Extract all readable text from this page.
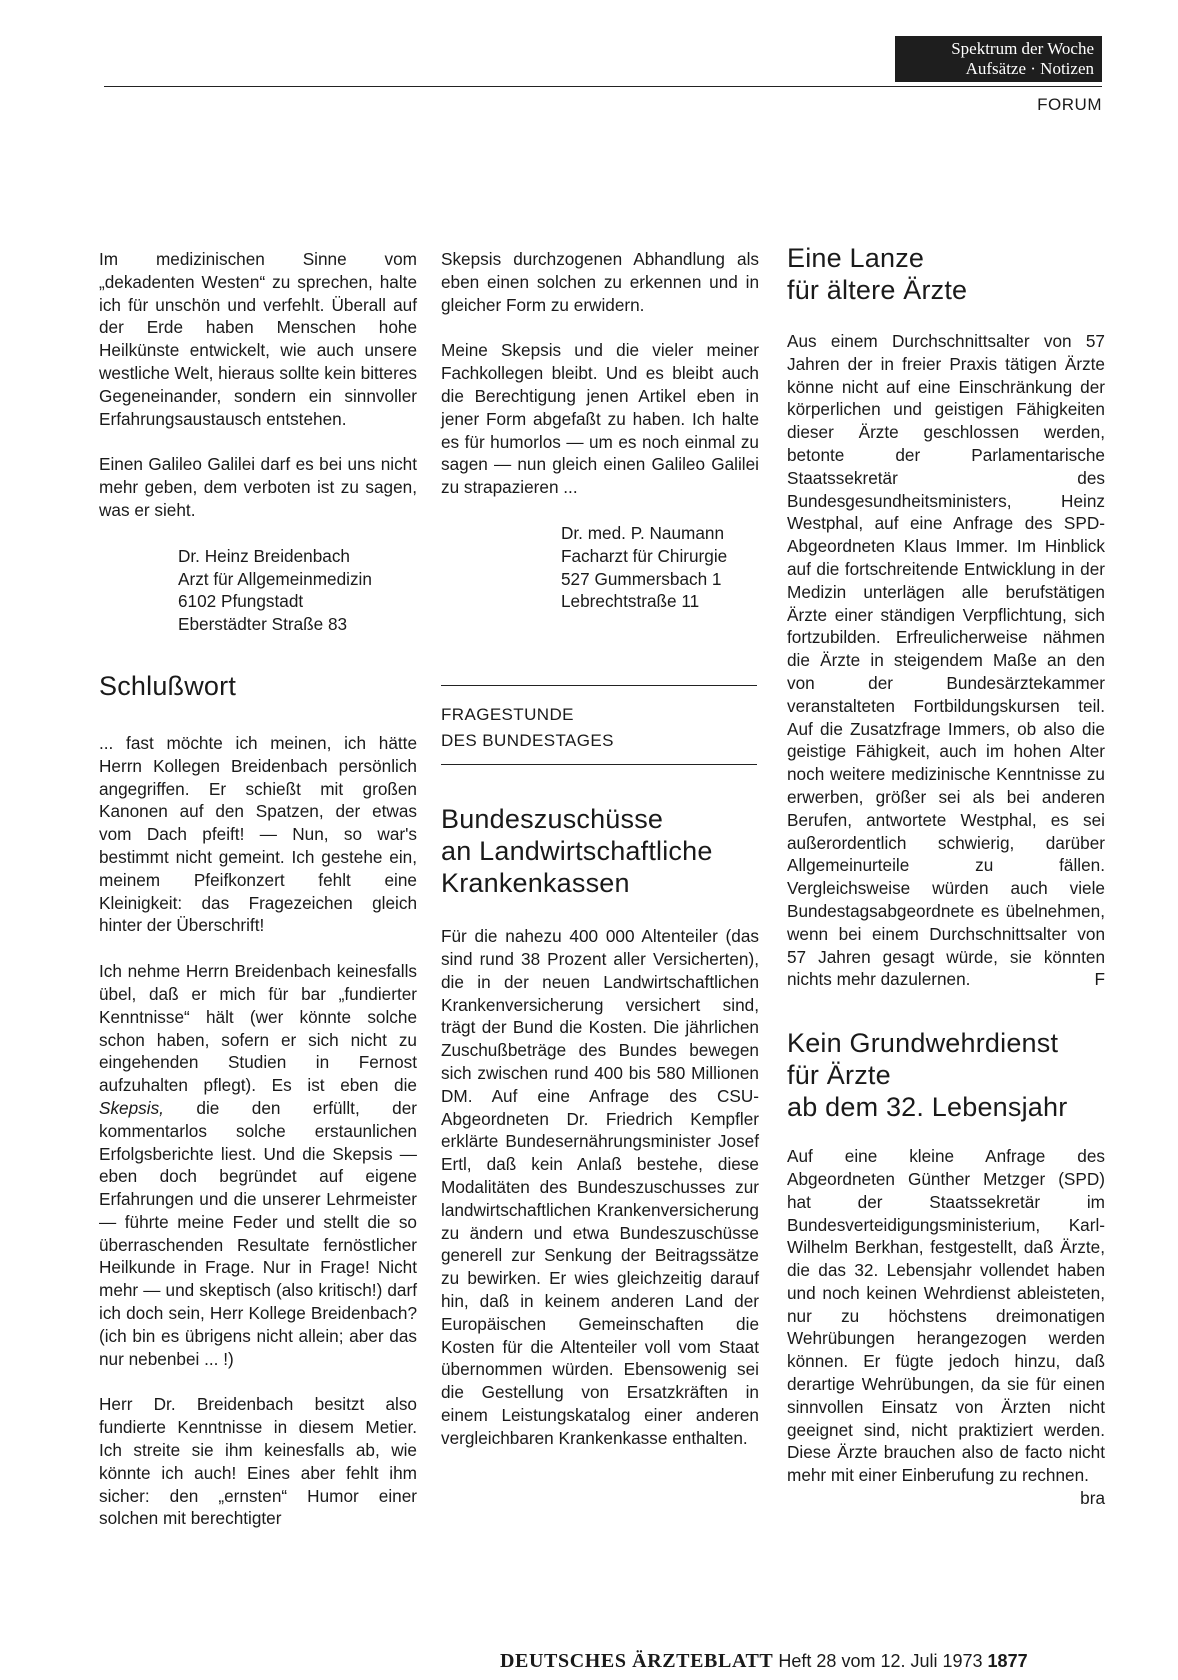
Spektrum der Woche
Aufsätze · Notizen
FORUM

Im medizinischen Sinne vom „dekadenten Westen“ zu sprechen, halte ich für unschön und verfehlt. Überall auf der Erde haben Menschen hohe Heilkünste entwickelt, wie auch unsere westliche Welt, hieraus sollte kein bitteres Gegeneinander, sondern ein sinnvoller Erfahrungsaustausch entstehen.

Einen Galileo Galilei darf es bei uns nicht mehr geben, dem verboten ist zu sagen, was er sieht.

Dr. Heinz Breidenbach
Arzt für Allgemeinmedizin
6102 Pfungstadt
Eberstädter Straße 83
Schlußwort

... fast möchte ich meinen, ich hätte Herrn Kollegen Breidenbach persönlich angegriffen. Er schießt mit großen Kanonen auf den Spatzen, der etwas vom Dach pfeift! — Nun, so war's bestimmt nicht gemeint. Ich gestehe ein, meinem Pfeifkonzert fehlt eine Kleinigkeit: das Fragezeichen gleich hinter der Überschrift!

Ich nehme Herrn Breidenbach keinesfalls übel, daß er mich für bar „fundierter Kenntnisse“ hält (wer könnte solche schon haben, sofern er sich nicht zu eingehenden Studien in Fernost aufzuhalten pflegt). Es ist eben die Skepsis, die den erfüllt, der kommentarlos solche erstaunlichen Erfolgsberichte liest. Und die Skepsis — eben doch begründet auf eigene Erfahrungen und die unserer Lehrmeister — führte meine Feder und stellt die so überraschenden Resultate fernöstlicher Heilkunde in Frage. Nur in Frage! Nicht mehr — und skeptisch (also kritisch!) darf ich doch sein, Herr Kollege Breidenbach? (ich bin es übrigens nicht allein; aber das nur nebenbei ... !)

Herr Dr. Breidenbach besitzt also fundierte Kenntnisse in diesem Metier. Ich streite sie ihm keinesfalls ab, wie könnte ich auch! Eines aber fehlt ihm sicher: den „ernsten“ Humor einer solchen mit berechtigter

Skepsis durchzogenen Abhandlung als eben einen solchen zu erkennen und in gleicher Form zu erwidern.

Meine Skepsis und die vieler meiner Fachkollegen bleibt. Und es bleibt auch die Berechtigung jenen Artikel eben in jener Form abgefaßt zu haben. Ich halte es für humorlos — um es noch einmal zu sagen — nun gleich einen Galileo Galilei zu strapazieren ...

Dr. med. P. Naumann
Facharzt für Chirurgie
527 Gummersbach 1
Lebrechtstraße 11
FRAGESTUNDE
DES BUNDESTAGES
Bundeszuschüsse
an Landwirtschaftliche
Krankenkassen

Für die nahezu 400 000 Altenteiler (das sind rund 38 Prozent aller Versicherten), die in der neuen Landwirtschaftlichen Krankenversicherung versichert sind, trägt der Bund die Kosten. Die jährlichen Zuschußbeträge des Bundes bewegen sich zwischen rund 400 bis 580 Millionen DM. Auf eine Anfrage des CSU-Abgeordneten Dr. Friedrich Kempfler erklärte Bundesernährungsminister Josef Ertl, daß kein Anlaß bestehe, diese Modalitäten des Bundeszuschusses zur landwirtschaftlichen Krankenversicherung zu ändern und etwa Bundeszuschüsse generell zur Senkung der Beitragssätze zu bewirken. Er wies gleichzeitig darauf hin, daß in keinem anderen Land der Europäischen Gemeinschaften die Kosten für die Altenteiler voll vom Staat übernommen würden. Ebensowenig sei die Gestellung von Ersatzkräften in einem Leistungskatalog einer anderen vergleichbaren Krankenkasse enthalten.

Eine Lanze
für ältere Ärzte

Aus einem Durchschnittsalter von 57 Jahren der in freier Praxis tätigen Ärzte könne nicht auf eine Einschränkung der körperlichen und geistigen Fähigkeiten dieser Ärzte geschlossen werden, betonte der Parlamentarische Staatssekretär des Bundesgesundheitsministers, Heinz Westphal, auf eine Anfrage des SPD-Abgeordneten Klaus Immer. Im Hinblick auf die fortschreitende Entwicklung in der Medizin unterlägen alle berufstätigen Ärzte einer ständigen Verpflichtung, sich fortzubilden. Erfreulicherweise nähmen die Ärzte in steigendem Maße an den von der Bundesärztekammer veranstalteten Fortbildungskursen teil. Auf die Zusatzfrage Immers, ob also die geistige Fähigkeit, auch im hohen Alter noch weitere medizinische Kenntnisse zu erwerben, größer sei als bei anderen Berufen, antwortete Westphal, es sei außerordentlich schwierig, darüber Allgemeinurteile zu fällen. Vergleichsweise würden auch viele Bundestagsabgeordnete es übelnehmen, wenn bei einem Durchschnittsalter von 57 Jahren gesagt würde, sie könnten nichts mehr dazulernen.	F

Kein Grundwehrdienst
für Ärzte
ab dem 32. Lebensjahr

Auf eine kleine Anfrage des Abgeordneten Günther Metzger (SPD) hat der Staatssekretär im Bundesverteidigungsministerium, Karl-Wilhelm Berkhan, festgestellt, daß Ärzte, die das 32. Lebensjahr vollendet haben und noch keinen Wehrdienst ableisteten, nur zu höchstens dreimonatigen Wehrübungen herangezogen werden können. Er fügte jedoch hinzu, daß derartige Wehrübungen, da sie für einen sinnvollen Einsatz von Ärzten nicht geeignet sind, nicht praktiziert werden. Diese Ärzte brauchen also de facto nicht mehr mit einer Einberufung zu rechnen.
bra

DEUTSCHES ÄRZTEBLATT Heft 28 vom 12. Juli 1973 1877
